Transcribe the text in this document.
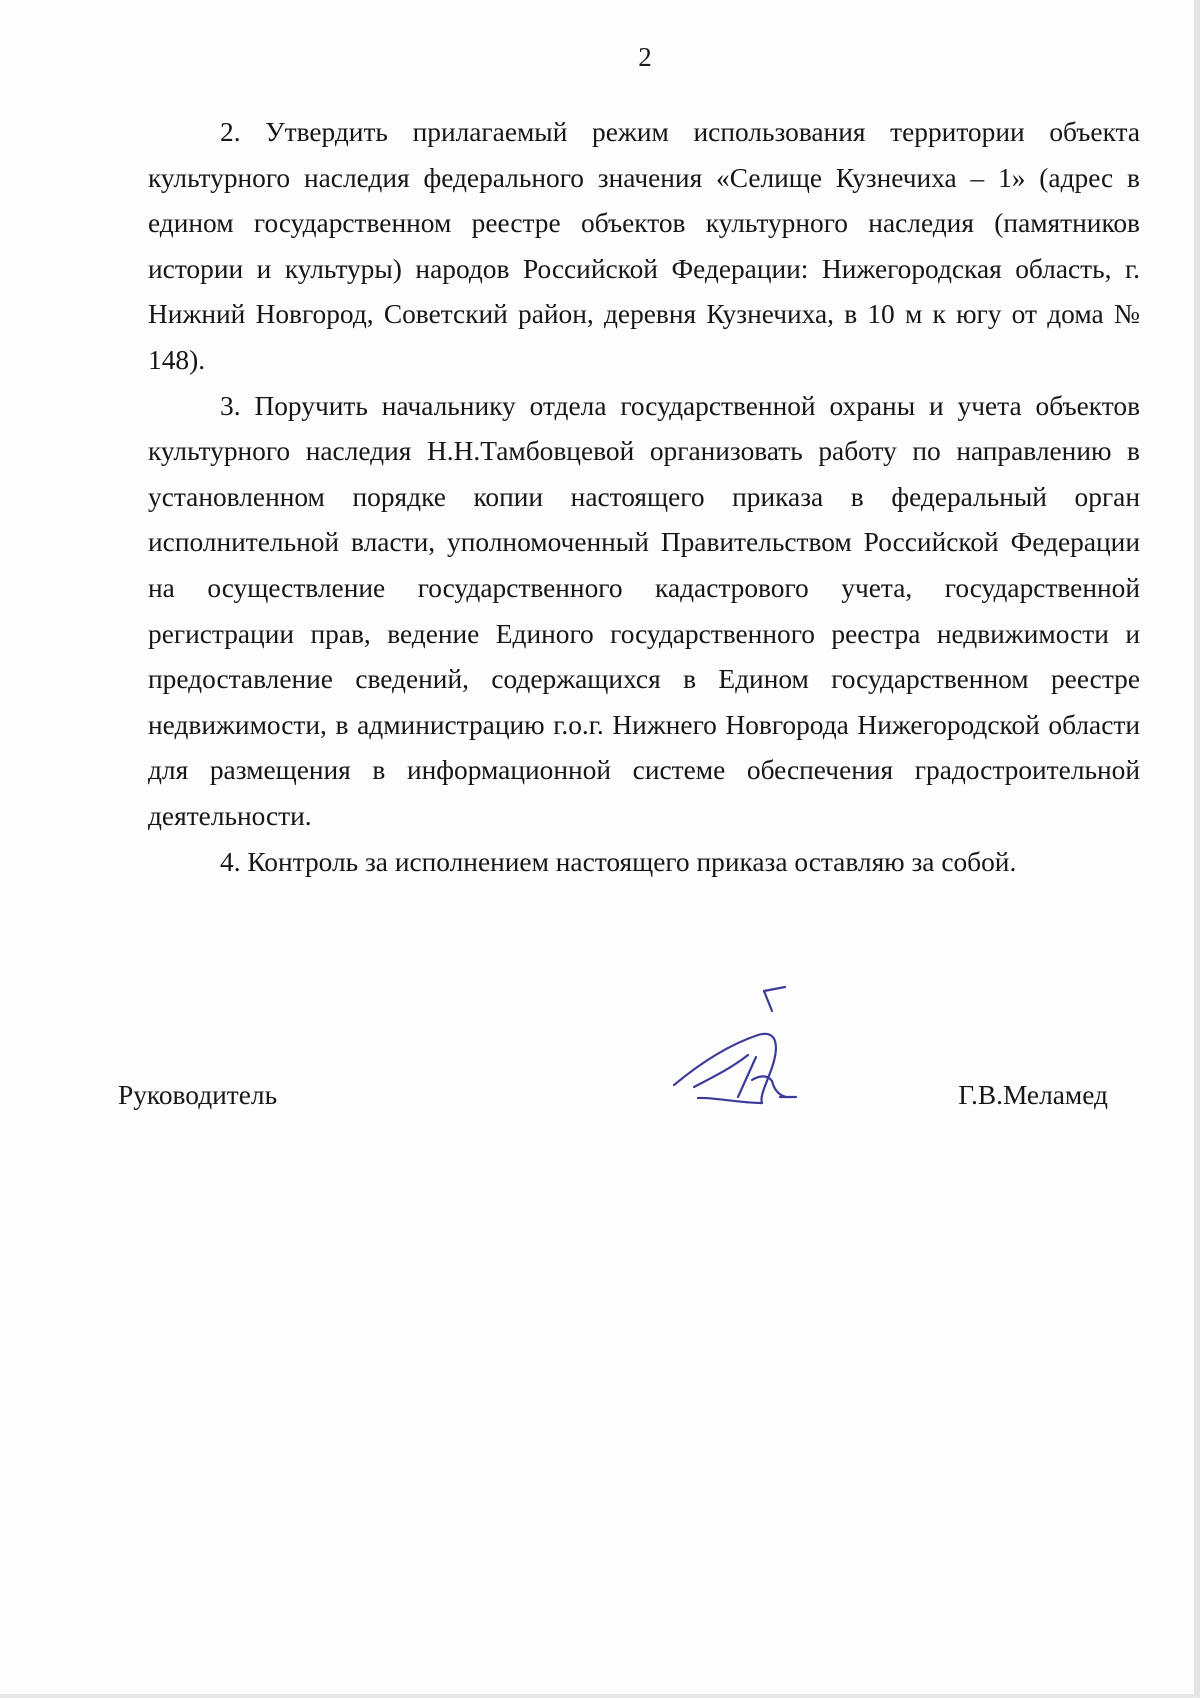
2

2. Утвердить прилагаемый режим использования территории объекта культурного наследия федерального значения «Селище Кузнечиха – 1» (адрес в едином государственном реестре объектов культурного наследия (памятников истории и культуры) народов Российской Федерации: Нижегородская область, г. Нижний Новгород, Советский район, деревня Кузнечиха, в 10 м к югу от дома № 148).

3. Поручить начальнику отдела государственной охраны и учета объектов культурного наследия Н.Н.Тамбовцевой организовать работу по направлению в установленном порядке копии настоящего приказа в федеральный орган исполнительной власти, уполномоченный Правительством Российской Федерации на осуществление государственного кадастрового учета, государственной регистрации прав, ведение Единого государственного реестра недвижимости и предоставление сведений, содержащихся в Едином государственном реестре недвижимости, в администрацию г.о.г. Нижнего Новгорода Нижегородской области для размещения в информационной системе обеспечения градостроительной деятельности.

4. Контроль за исполнением настоящего приказа оставляю за собой.

Руководитель	Г.В.Меламед
